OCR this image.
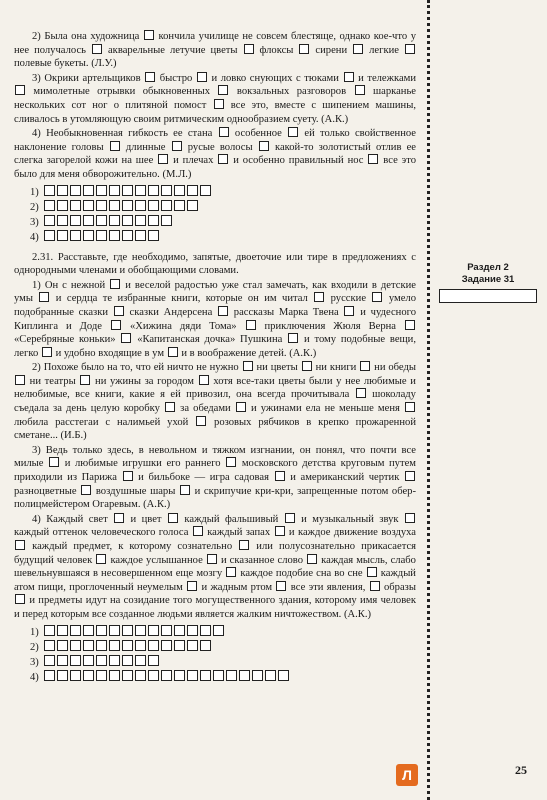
2) Была она художница кончила училище не совсем блестяще, однако кое-что у нее получалось акварельные летучие цветы флоксы сирени легкие  полевые букеты. (Л.У.)

3) Окрики артельщиков быстро и ловко снующих с тюками и тележками  мимолетные отрывки обыкновенных	вокзальных разговоров	шарканье нескольких сот ног о плитяной помост все это, вместе с шипением машины, сливалось в утомляющую своим ритмическим однообразием суету. (А.К.)

4) Необыкновенная гибкость ее стана особенное ей только свойственное наклонение головы длинные русые волосы какой-то золотистый отлив ее слегка загорелой кожи на шее и плечах и особенно правильный нос все это было для меня обворожительно. (М.Л.)

1)
2)
3)
4)

2.31. Расставьте, где необходимо, запятые, двоеточие или тире в предложениях с однородными членами и обобщающими словами.

1) Он с нежной и веселой радостью уже стал замечать, как входили в детские умы и сердца те избранные книги, которые он им читал русские умело подобранные сказки сказки Андерсена рассказы Марка Твена и чудесного Киплинга и Доде	«Хижина дяди Тома»	приключения Жюля Верна  «Серебряные коньки» «Капитанская дочка» Пушкина и тому подобные вещи, легко и удобно входящие в ум и в воображение детей. (А.К.)

2) Похоже было на то, что ей ничто не нужно ни цветы ни книги ни обеды  ни театры ни ужины за городом хотя все-таки цветы были у нее любимые и нелюбимые, все книги, какие я ей привозил, она всегда прочитывала шоколаду съедала за день целую коробку за обедами и ужинами ела не меньше меня  любила расстегаи с налимьей ухой розовых рябчиков в крепко прожаренной сметане... (И.Б.)

3) Ведь только здесь, в невольном и тяжком изгнании, он понял, что почти все милые и любимые игрушки его раннего московского детства круговым путем приходили из Парижа и бильбоке — игра садовая и американский чертик  разноцветные воздушные шары и скрипучие кри-кри, запрещенные потом обер-полицмейстером Огаревым. (А.К.)

4) Каждый свет и цвет каждый фальшивый и музыкальный звук  каждый оттенок человеческого голоса каждый запах и каждое движение воздуха  каждый предмет, к которому сознательно или полусознательно прикасается будущий человек каждое услышанное и сказанное слово каждая мысль, слабо шевельнувшаяся в несовершенном еще мозгу каждое подобие сна во сне каждый атом пищи, проглоченный неумелым и жадным ртом все эти явления, образы  и предметы идут на созидание того могущественного здания, которому имя человек и перед которым все созданное людьми является жалким ничтожеством. (А.К.)

1)
2)
3)
4)
Раздел 2
Задание 31
Л	25
